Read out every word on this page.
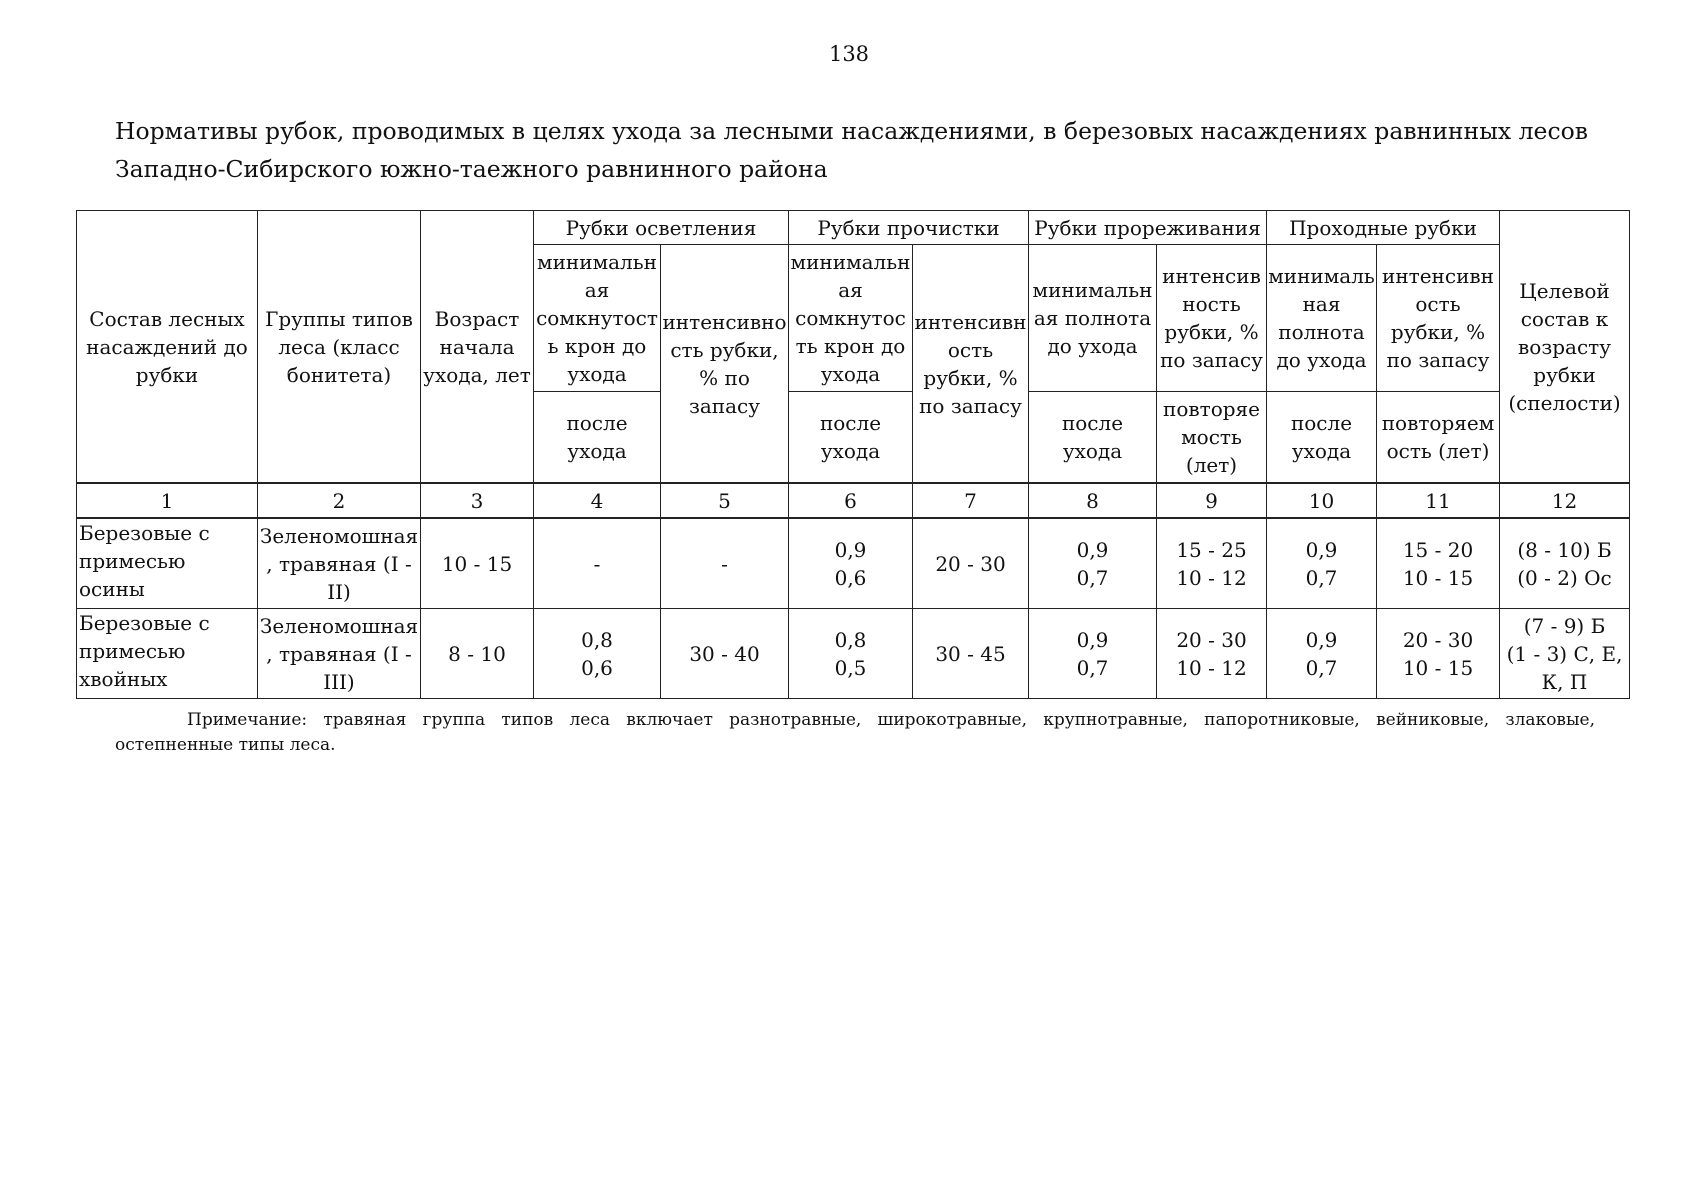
138
Нормативы рубок, проводимых в целях ухода за лесными насаждениями, в березовых насаждениях равнинных лесов
Западно-Сибирского южно-таежного равнинного района
Состав лесных насаждений до рубки	Группы типов леса (класс бонитета)	Возраст начала ухода, лет	Рубки осветления		Рубки прочистки		Рубки прореживания		Проходные рубки		Целевой состав к возрасту рубки (спелости)
			минимальн
ая
сомкнутост
ь крон до
ухода	интенсивно
сть рубки,
% по
запасу	минимальн
ая
сомкнутос
ть крон до
ухода	интенсивн
ость
рубки, %
по запасу	минимальн
ая полнота
до ухода	интенсив
ность
рубки, %
по запасу	минималь
ная
полнота
до ухода	интенсивн
ость
рубки, %
по запасу	
			после
ухода		после
ухода		после
ухода	повторяе
мость
(лет)	после
ухода	повторяем
ость (лет)	
1	2	3	4	5	6	7	8	9	10	11	12
Березовые с
примесью
осины	Зеленомошная
, травяная (I -
II)	10 - 15	-	-	0,9
0,6	20 - 30	0,9
0,7	15 - 25
10 - 12	0,9
0,7	15 - 20
10 - 15	(8 - 10) Б
(0 - 2) Ос
Березовые с
примесью
хвойных	Зеленомошная
, травяная (I -
III)	8 - 10	0,8
0,6	30 - 40	0,8
0,5	30 - 45	0,9
0,7	20 - 30
10 - 12	0,9
0,7	20 - 30
10 - 15	(7 - 9) Б
(1 - 3) С, Е,
К, П
Примечание: травяная группа типов леса включает разнотравные, широкотравные, крупнотравные, папоротниковые, вейниковые, злаковые, остепненные типы леса.
